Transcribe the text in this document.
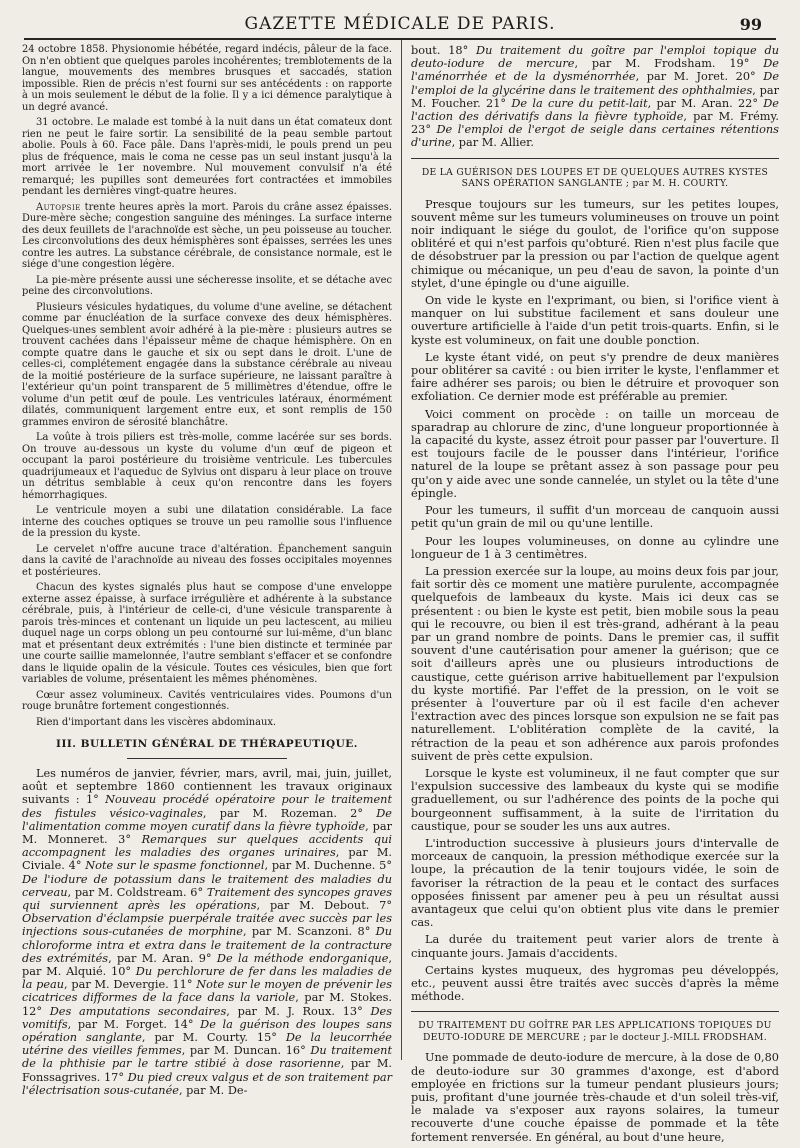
GAZETTE MÉDICALE DE PARIS.	99

24 octobre 1858. Physionomie hébétée, regard indécis, pâleur de la face. On n'en obtient que quelques paroles incohérentes; tremblotements de la langue, mouvements des membres brusques et saccadés, station impossible. Rien de précis n'est fourni sur ses antécédents : on rapporte à un mois seulement le début de la folie. Il y a ici démence paralytique à un degré avancé.

31 octobre. Le malade est tombé à la nuit dans un état comateux dont rien ne peut le faire sortir. La sensibilité de la peau semble partout abolie. Pouls à 60. Face pâle. Dans l'après-midi, le pouls prend un peu plus de fréquence, mais le coma ne cesse pas un seul instant jusqu'à la mort arrivée le 1er novembre. Nul mouvement convulsif n'a été remarqué; les pupilles sont demeurées fort contractées et immobiles pendant les dernières vingt-quatre heures.

Autopsie trente heures après la mort. Parois du crâne assez épaisses. Dure-mère sèche; congestion sanguine des méninges. La surface interne des deux feuillets de l'arachnoïde est sèche, un peu poisseuse au toucher. Les circonvolutions des deux hémisphères sont épaisses, serrées les unes contre les autres. La substance cérébrale, de consistance normale, est le siége d'une congestion légère.

La pie-mère présente aussi une sécheresse insolite, et se détache avec peine des circonvolutions.

Plusieurs vésicules hydatiques, du volume d'une aveline, se détachent comme par énucléation de la surface convexe des deux hémisphères. Quelques-unes semblent avoir adhéré à la pie-mère : plusieurs autres se trouvent cachées dans l'épaisseur même de chaque hémisphère. On en compte quatre dans le gauche et six ou sept dans le droit. L'une de celles-ci, complétement engagée dans la substance cérébrale au niveau de la moitié postérieure de la surface supérieure, ne laissant paraître à l'extérieur qu'un point transparent de 5 millimètres d'étendue, offre le volume d'un petit œuf de poule. Les ventricules latéraux, énormément dilatés, communiquent largement entre eux, et sont remplis de 150 grammes environ de sérosité blanchâtre.

La voûte à trois piliers est très-molle, comme lacérée sur ses bords. On trouve au-dessous un kyste du volume d'un œuf de pigeon et occupant la paroi postérieure du troisième ventricule. Les tubercules quadrijumeaux et l'aqueduc de Sylvius ont disparu à leur place on trouve un détritus semblable à ceux qu'on rencontre dans les foyers hémorrhagiques.

Le ventricule moyen a subi une dilatation considérable. La face interne des couches optiques se trouve un peu ramollie sous l'influence de la pression du kyste.

Le cervelet n'offre aucune trace d'altération. Épanchement sanguin dans la cavité de l'arachnoïde au niveau des fosses occipitales moyennes et postérieures.

Chacun des kystes signalés plus haut se compose d'une enveloppe externe assez épaisse, à surface irrégulière et adhérente à la substance cérébrale, puis, à l'intérieur de celle-ci, d'une vésicule transparente à parois très-minces et contenant un liquide un peu lactescent, au milieu duquel nage un corps oblong un peu contourné sur lui-même, d'un blanc mat et présentant deux extrémités : l'une bien distincte et terminée par une courte saillie mamelonnée, l'autre semblant s'effacer et se confondre dans le liquide opalin de la vésicule. Toutes ces vésicules, bien que fort variables de volume, présentaient les mêmes phénomènes.

Cœur assez volumineux. Cavités ventriculaires vides. Poumons d'un rouge brunâtre fortement congestionnés.

Rien d'important dans les viscères abdominaux.

III. BULLETIN GÉNÉRAL DE THÉRAPEUTIQUE.

Les numéros de janvier, février, mars, avril, mai, juin, juillet, août et septembre 1860 contiennent les travaux originaux suivants : 1° Nouveau procédé opératoire pour le traitement des fistules vésico-vaginales, par M. Rozeman. 2° De l'alimentation comme moyen curatif dans la fièvre typhoïde, par M. Monneret. 3° Remarques sur quelques accidents qui accompagnent les maladies des organes urinaires, par M. Civiale. 4° Note sur le spasme fonctionnel, par M. Duchenne. 5° De l'iodure de potassium dans le traitement des maladies du cerveau, par M. Coldstream. 6° Traitement des syncopes graves qui surviennent après les opérations, par M. Debout. 7° Observation d'éclampsie puerpérale traitée avec succès par les injections sous-cutanées de morphine, par M. Scanzoni. 8° Du chloroforme intra et extra dans le traitement de la contracture des extrémités, par M. Aran. 9° De la méthode endorganique, par M. Alquié. 10° Du perchlorure de fer dans les maladies de la peau, par M. Devergie. 11° Note sur le moyen de prévenir les cicatrices difformes de la face dans la variole, par M. Stokes. 12° Des amputations secondaires, par M. J. Roux. 13° Des vomitifs, par M. Forget. 14° De la guérison des loupes sans opération sanglante, par M. Courty. 15° De la leucorrhée utérine des vieilles femmes, par M. Duncan. 16° Du traitement de la phthisie par le tartre stibié à dose rasorienne, par M. Fonssagrives. 17° Du pied creux valgus et de son traitement par l'électrisation sous-cutanée, par M. De-

bout. 18° Du traitement du goître par l'emploi topique du deuto-iodure de mercure, par M. Frodsham. 19° De l'aménorrhée et de la dysménorrhée, par M. Joret. 20° De l'emploi de la glycérine dans le traitement des ophthalmies, par M. Foucher. 21° De la cure du petit-lait, par M. Aran. 22° De l'action des dérivatifs dans la fièvre typhoïde, par M. Frémy. 23° De l'emploi de l'ergot de seigle dans certaines rétentions d'urine, par M. Allier.

DE LA GUÉRISON DES LOUPES ET DE QUELQUES AUTRES KYSTES SANS OPÉRATION SANGLANTE ; par M. H. COURTY.

Presque toujours sur les tumeurs, sur les petites loupes, souvent même sur les tumeurs volumineuses on trouve un point noir indiquant le siége du goulot, de l'orifice qu'on suppose oblitéré et qui n'est parfois qu'obturé. Rien n'est plus facile que de désobstruer par la pression ou par l'action de quelque agent chimique ou mécanique, un peu d'eau de savon, la pointe d'un stylet, d'une épingle ou d'une aiguille.

On vide le kyste en l'exprimant, ou bien, si l'orifice vient à manquer on lui substitue facilement et sans douleur une ouverture artificielle à l'aide d'un petit trois-quarts. Enfin, si le kyste est volumineux, on fait une double ponction.

Le kyste étant vidé, on peut s'y prendre de deux manières pour oblitérer sa cavité : ou bien irriter le kyste, l'enflammer et faire adhérer ses parois; ou bien le détruire et provoquer son exfoliation. Ce dernier mode est préférable au premier.

Voici comment on procède : on taille un morceau de sparadrap au chlorure de zinc, d'une longueur proportionnée à la capacité du kyste, assez étroit pour passer par l'ouverture. Il est toujours facile de le pousser dans l'intérieur, l'orifice naturel de la loupe se prêtant assez à son passage pour peu qu'on y aide avec une sonde cannelée, un stylet ou la tête d'une épingle.

Pour les tumeurs, il suffit d'un morceau de canquoin aussi petit qu'un grain de mil ou qu'une lentille.

Pour les loupes volumineuses, on donne au cylindre une longueur de 1 à 3 centimètres.

La pression exercée sur la loupe, au moins deux fois par jour, fait sortir dès ce moment une matière purulente, accompagnée quelquefois de lambeaux du kyste. Mais ici deux cas se présentent : ou bien le kyste est petit, bien mobile sous la peau qui le recouvre, ou bien il est très-grand, adhérant à la peau par un grand nombre de points. Dans le premier cas, il suffit souvent d'une cautérisation pour amener la guérison; que ce soit d'ailleurs après une ou plusieurs introductions de caustique, cette guérison arrive habituellement par l'expulsion du kyste mortifié. Par l'effet de la pression, on le voit se présenter à l'ouverture par où il est facile d'en achever l'extraction avec des pinces lorsque son expulsion ne se fait pas naturellement. L'oblitération complète de la cavité, la rétraction de la peau et son adhérence aux parois profondes suivent de près cette expulsion.

Lorsque le kyste est volumineux, il ne faut compter que sur l'expulsion successive des lambeaux du kyste qui se modifie graduellement, ou sur l'adhérence des points de la poche qui bourgeonnent suffisamment, à la suite de l'irritation du caustique, pour se souder les uns aux autres.

L'introduction successive à plusieurs jours d'intervalle de morceaux de canquoin, la pression méthodique exercée sur la loupe, la précaution de la tenir toujours vidée, le soin de favoriser la rétraction de la peau et le contact des surfaces opposées finissent par amener peu à peu un résultat aussi avantageux que celui qu'on obtient plus vite dans le premier cas.

La durée du traitement peut varier alors de trente à cinquante jours. Jamais d'accidents.

Certains kystes muqueux, des hygromas peu développés, etc., peuvent aussi être traités avec succès d'après la même méthode.

DU TRAITEMENT DU GOÎTRE PAR LES APPLICATIONS TOPIQUES DU DEUTO-IODURE DE MERCURE ; par le docteur J.-MILL FRODSHAM.

Une pommade de deuto-iodure de mercure, à la dose de 0,80 de deuto-iodure sur 30 grammes d'axonge, est d'abord employée en frictions sur la tumeur pendant plusieurs jours; puis, profitant d'une journée très-chaude et d'un soleil très-vif, le malade va s'exposer aux rayons solaires, la tumeur recouverte d'une couche épaisse de pommade et la tête fortement renversée. En général, au bout d'une heure,
